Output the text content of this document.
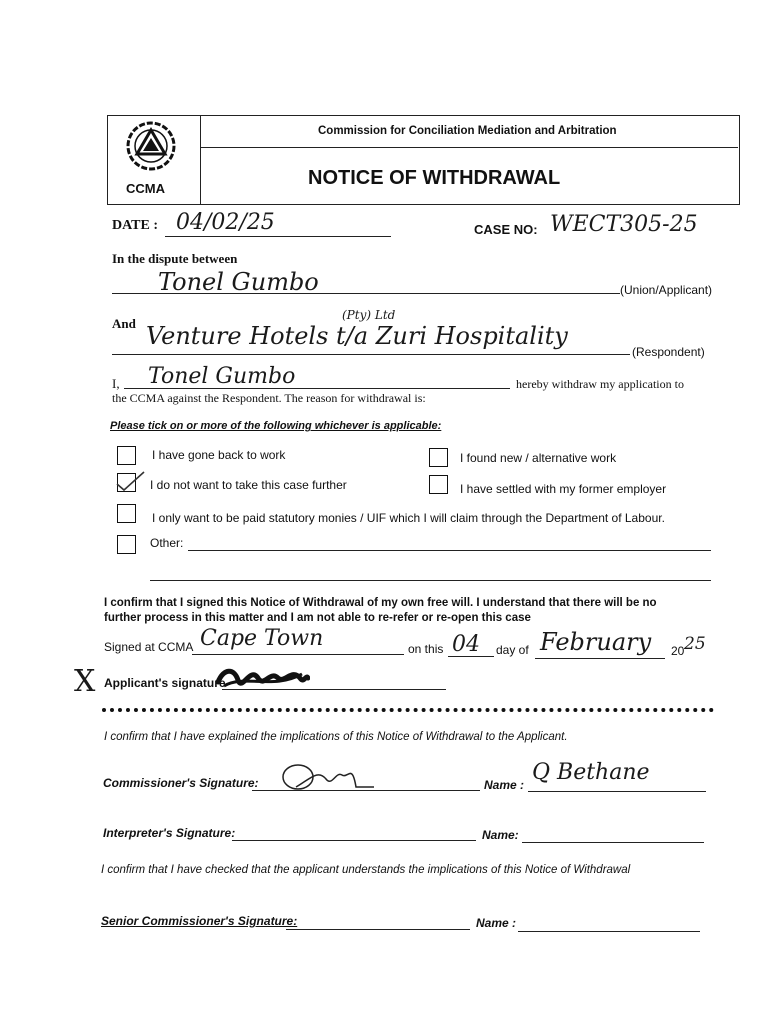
CCMA
Commission for Conciliation Mediation and Arbitration
NOTICE OF WITHDRAWAL
DATE : 04/02/25	CASE NO: WECT305-25
In the dispute between
Tonel Gumbo	(Union/Applicant)
And
(Pty) Ltd
Venture Hotels t/a Zuri Hospitality
(Respondent)
I, Tonel Gumbo	hereby withdraw my application to
the CCMA against the Respondent. The reason for withdrawal is:
Please tick on or more of the following whichever is applicable:
I have gone back to work	I found new / alternative work
I do not want to take this case further	I have settled with my former employer
I only want to be paid statutory monies / UIF which I will claim through the Department of Labour.
Other:
I confirm that I signed this Notice of Withdrawal of my own free will. I understand that there will be no
further process in this matter and I am not able to re-refer or re-open this case
Signed at CCMA Cape Town	on this 04 day of February 20 25
X Applicant's signature
I confirm that I have explained the implications of this Notice of Withdrawal to the Applicant.
Commissioner's Signature:	Name : Q Bethane
Interpreter's Signature:	Name:
I confirm that I have checked that the applicant understands the implications of this Notice of Withdrawal
Senior Commissioner's Signature:	Name :
